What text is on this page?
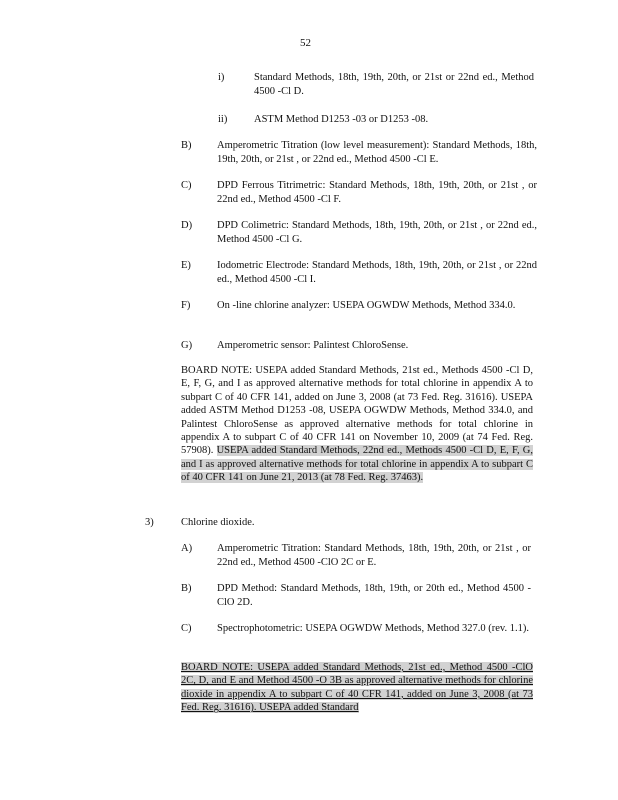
52
i)	Standard Methods, 18th, 19th, 20th, or 21st or 22nd ed., Method 4500 -Cl D.
ii)	ASTM Method D1253 -03 or D1253 -08.
B) Amperometric Titration (low level measurement): Standard Methods, 18th, 19th, 20th, or 21st , or 22nd ed., Method 4500 -Cl E.
C) DPD Ferrous Titrimetric: Standard Methods, 18th, 19th, 20th, or 21st , or 22nd ed., Method 4500 -Cl F.
D) DPD Colimetric: Standard Methods, 18th, 19th, 20th, or 21st , or 22nd ed., Method 4500 -Cl G.
E) Iodometric Electrode: Standard Methods, 18th, 19th, 20th, or 21st , or 22nd ed., Method 4500 -Cl I.
F)	On -line chlorine analyzer: USEPA OGWDW Methods, Method 334.0.
G) Amperometric sensor: Palintest ChloroSense.
BOARD NOTE: USEPA added Standard Methods, 21st ed., Methods 4500 -Cl D, E, F, G, and I as approved alternative methods for total chlorine in appendix A to subpart C of 40 CFR 141, added on June 3, 2008 (at 73 Fed. Reg. 31616). USEPA added ASTM Method D1253 -08, USEPA OGWDW Methods, Method 334.0, and Palintest ChloroSense as approved alternative methods for total chlorine in appendix A to subpart C of 40 CFR 141 on November 10, 2009 (at 74 Fed. Reg. 57908). USEPA added Standard Methods, 22nd ed., Methods 4500 -Cl D, E, F, G, and I as approved alternative methods for total chlorine in appendix A to subpart C of 40 CFR 141 on June 21, 2013 (at 78 Fed. Reg. 37463).
3)	Chlorine dioxide.
A) Amperometric Titration: Standard Methods, 18th, 19th, 20th, or 21st , or 22nd ed., Method 4500 -ClO 2C or E.
B) DPD Method: Standard Methods, 18th, 19th, or 20th ed., Method 4500 -ClO 2D.
C) Spectrophotometric: USEPA OGWDW Methods, Method 327.0 (rev. 1.1).
BOARD NOTE: USEPA added Standard Methods, 21st ed., Method 4500 -ClO 2C, D, and E and Method 4500 -O 3B as approved alternative methods for chlorine dioxide in appendix A to subpart C of 40 CFR 141, added on June 3, 2008 (at 73 Fed. Reg. 31616). USEPA added Standard
